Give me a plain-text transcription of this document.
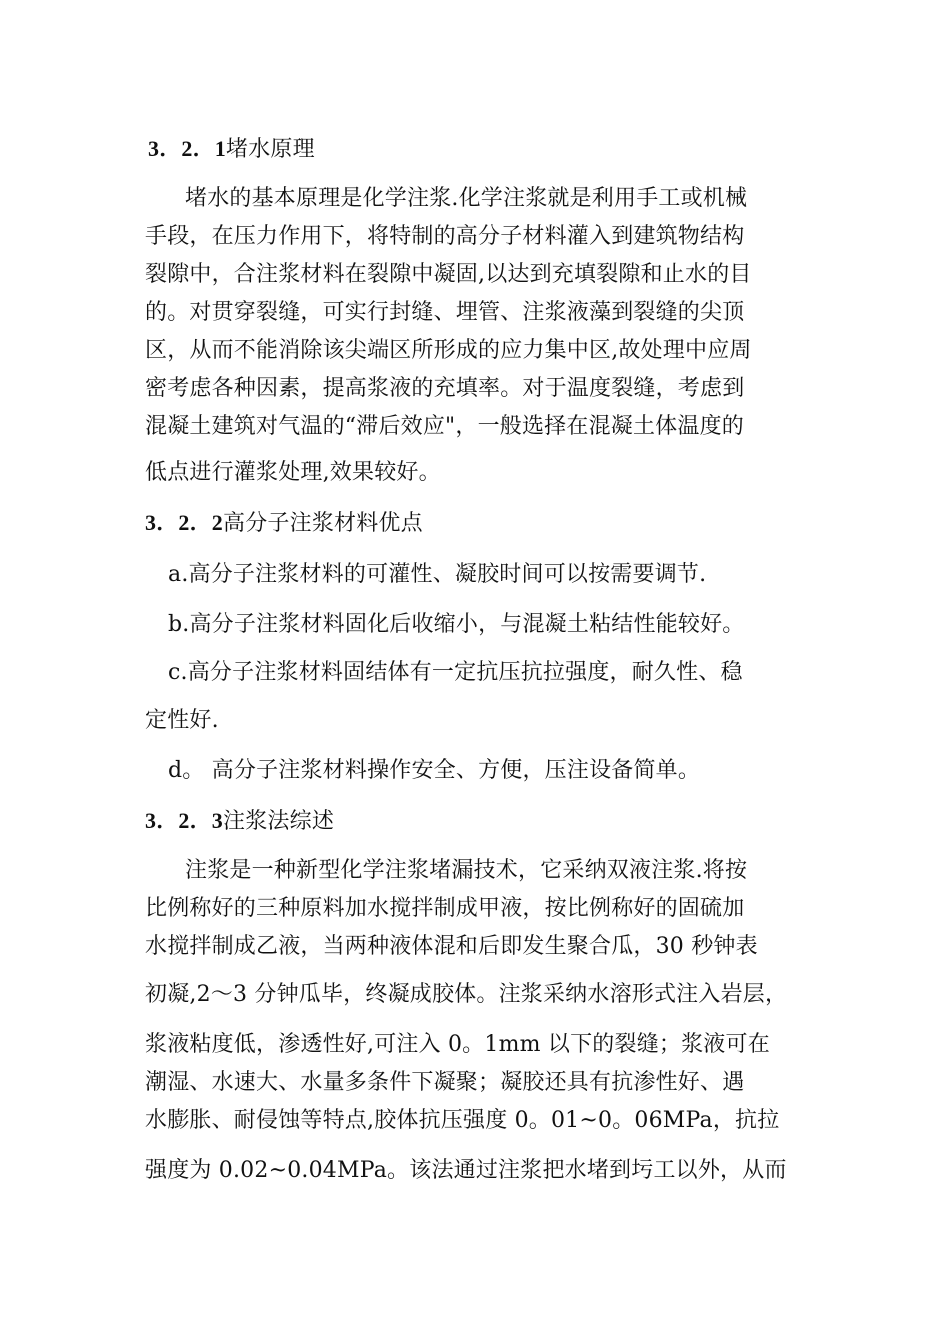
3．2．1堵水原理
堵水的基本原理是化学注浆.化学注浆就是利用手工或机械
手段，在压力作用下，将特制的高分子材料灌入到建筑物结构
裂隙中，合注浆材料在裂隙中凝固,以达到充填裂隙和止水的目
的。对贯穿裂缝，可实行封缝、埋管、注浆液藻到裂缝的尖顶
区，从而不能消除该尖端区所形成的应力集中区,故处理中应周
密考虑各种因素，提高浆液的充填率。对于温度裂缝，考虑到
混凝土建筑对气温的“滞后效应"，一般选择在混凝土体温度的
低点进行灌浆处理,效果较好。
3．2．2高分子注浆材料优点
a.高分子注浆材料的可灌性、凝胶时间可以按需要调节.
b.高分子注浆材料固化后收缩小，与混凝土粘结性能较好。
c.高分子注浆材料固结体有一定抗压抗拉强度，耐久性、稳
定性好.
d。 高分子注浆材料操作安全、方便，压注设备简单。
3．2．3注浆法综述
注浆是一种新型化学注浆堵漏技术，它采纳双液注浆.将按
比例称好的三种原料加水搅拌制成甲液，按比例称好的固硫加
水搅拌制成乙液，当两种液体混和后即发生聚合瓜，30 秒钟表
初凝,2～3 分钟瓜毕，终凝成胶体。注浆采纳水溶形式注入岩层，
浆液粘度低，渗透性好,可注入 0。1mm 以下的裂缝；浆液可在
潮湿、水速大、水量多条件下凝聚；凝胶还具有抗渗性好、遇
水膨胀、耐侵蚀等特点,胶体抗压强度 0。01~0。06MPa，抗拉
强度为 0.02~0.04MPa。该法通过注浆把水堵到圬工以外，从而
